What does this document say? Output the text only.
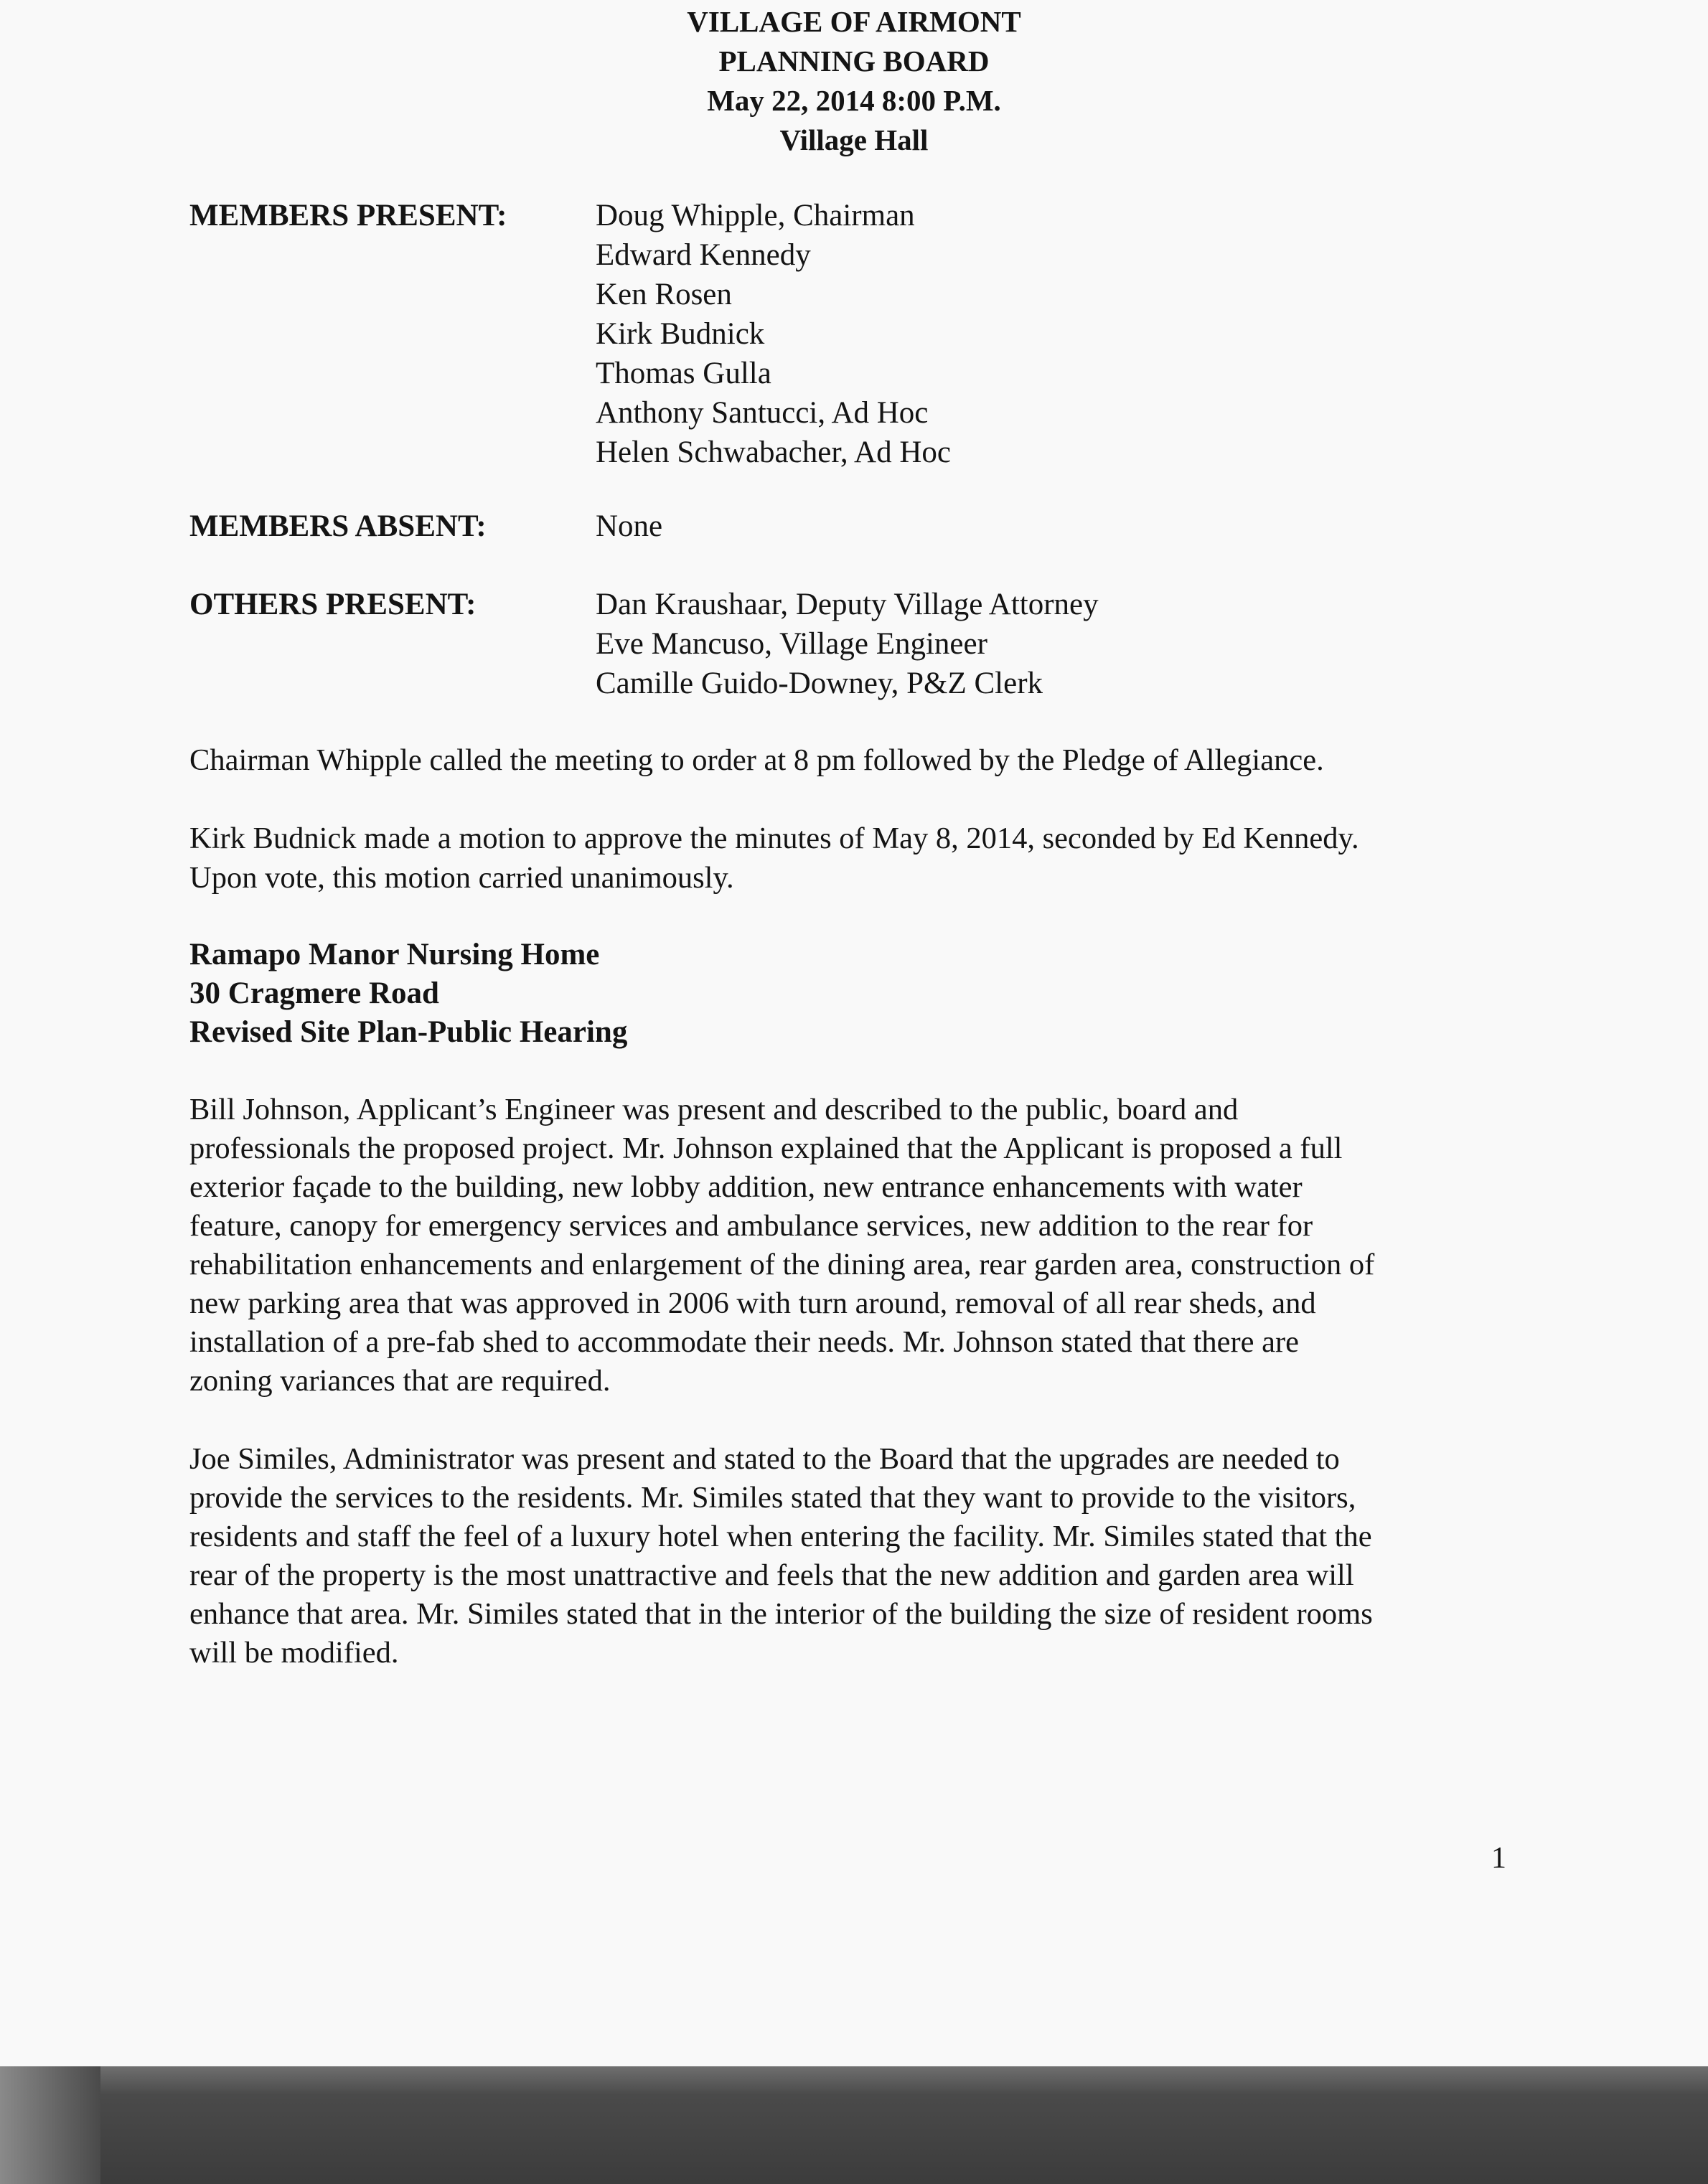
VILLAGE OF AIRMONT
PLANNING BOARD
May 22, 2014 8:00 P.M.
Village Hall
MEMBERS PRESENT:	Doug Whipple, Chairman
Edward Kennedy
Ken Rosen
Kirk Budnick
Thomas Gulla
Anthony Santucci, Ad Hoc
Helen Schwabacher, Ad Hoc
MEMBERS ABSENT:	None
OTHERS PRESENT:	Dan Kraushaar, Deputy Village Attorney
Eve Mancuso, Village Engineer
Camille Guido-Downey, P&Z Clerk
Chairman Whipple called the meeting to order at 8 pm followed by the Pledge of Allegiance.
Kirk Budnick made a motion to approve the minutes of May 8, 2014, seconded by Ed Kennedy.
Upon vote, this motion carried unanimously.
Ramapo Manor Nursing Home
30 Cragmere Road
Revised Site Plan-Public Hearing
Bill Johnson, Applicant’s Engineer was present and described to the public, board and
professionals the proposed project. Mr. Johnson explained that the Applicant is proposed a full
exterior façade to the building, new lobby addition, new entrance enhancements with water
feature, canopy for emergency services and ambulance services, new addition to the rear for
rehabilitation enhancements and enlargement of the dining area, rear garden area, construction of
new parking area that was approved in 2006 with turn around, removal of all rear sheds, and
installation of a pre-fab shed to accommodate their needs. Mr. Johnson stated that there are
zoning variances that are required.
Joe Similes, Administrator was present and stated to the Board that the upgrades are needed to
provide the services to the residents. Mr. Similes stated that they want to provide to the visitors,
residents and staff the feel of a luxury hotel when entering the facility. Mr. Similes stated that the
rear of the property is the most unattractive and feels that the new addition and garden area will
enhance that area. Mr. Similes stated that in the interior of the building the size of resident rooms
will be modified.
1
